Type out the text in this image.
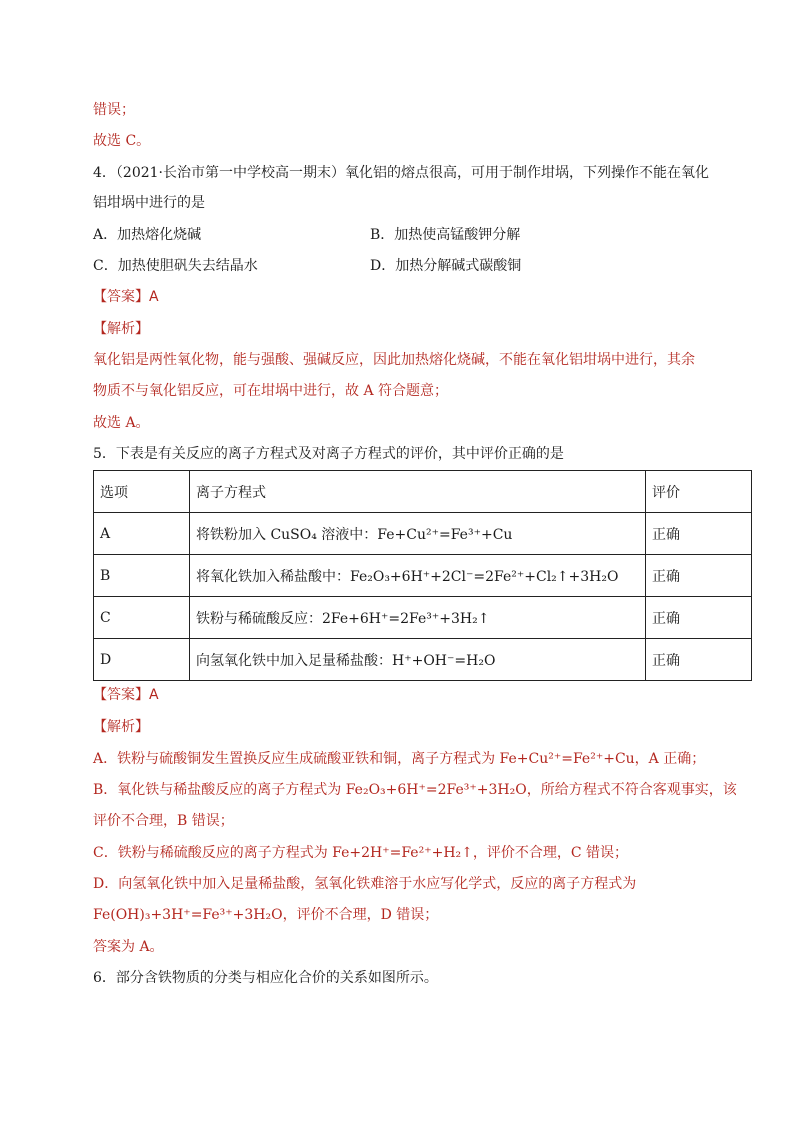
错误；
故选 C。
4．（2021·长治市第一中学校高一期末）氧化铝的熔点很高，可用于制作坩埚，下列操作不能在氧化
铝坩埚中进行的是
A．加热熔化烧碱	B．加热使高锰酸钾分解
C．加热使胆矾失去结晶水	D．加热分解碱式碳酸铜
【答案】A
【解析】
氧化铝是两性氧化物，能与强酸、强碱反应，因此加热熔化烧碱，不能在氧化铝坩埚中进行，其余
物质不与氧化铝反应，可在坩埚中进行，故 A 符合题意；
故选 A。
5．下表是有关反应的离子方程式及对离子方程式的评价，其中评价正确的是
选项	离子方程式	评价
A	将铁粉加入 CuSO₄ 溶液中：Fe+Cu²⁺=Fe³⁺+Cu	正确
B	将氧化铁加入稀盐酸中：Fe₂O₃+6H⁺+2Cl⁻=2Fe²⁺+Cl₂↑+3H₂O	正确
C	铁粉与稀硫酸反应：2Fe+6H⁺=2Fe³⁺+3H₂↑	正确
D	向氢氧化铁中加入足量稀盐酸：H⁺+OH⁻=H₂O	正确
【答案】A
【解析】
A．铁粉与硫酸铜发生置换反应生成硫酸亚铁和铜，离子方程式为 Fe+Cu²⁺=Fe²⁺+Cu，A 正确；
B．氧化铁与稀盐酸反应的离子方程式为 Fe₂O₃+6H⁺=2Fe³⁺+3H₂O，所给方程式不符合客观事实，该
评价不合理，B 错误；
C．铁粉与稀硫酸反应的离子方程式为 Fe+2H⁺=Fe²⁺+H₂↑，评价不合理，C 错误；
D．向氢氧化铁中加入足量稀盐酸，氢氧化铁难溶于水应写化学式，反应的离子方程式为
Fe(OH)₃+3H⁺=Fe³⁺+3H₂O，评价不合理，D 错误；
答案为 A。
6．部分含铁物质的分类与相应化合价的关系如图所示。
